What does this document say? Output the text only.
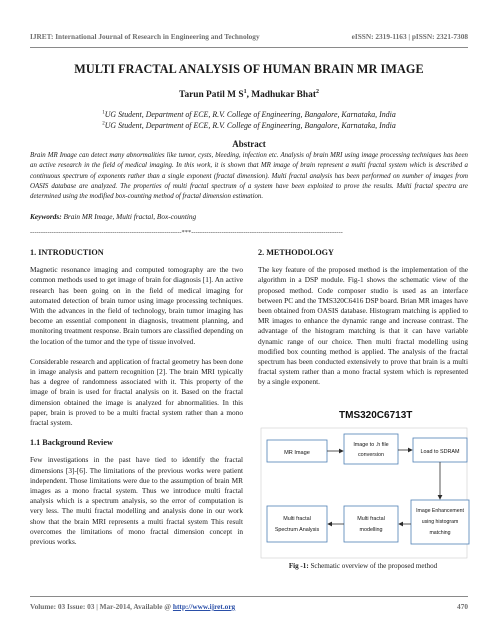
IJRET: International Journal of Research in Engineering and Technology	eISSN: 2319-1163 | pISSN: 2321-7308
MULTI FRACTAL ANALYSIS OF HUMAN BRAIN MR IMAGE
Tarun Patil M $S^1$, Madhukar Bhat$^2$
$^1$UG Student, Department of ECE, R.V. College of Engineering, Bangalore, Karnataka, India
$^2$UG Student, Department of ECE, R.V. College of Engineering, Bangalore, Karnataka, India
Abstract
Brain MR Image can detect many abnormalities like tumor, cysts, bleeding, infection etc. Analysis of brain MRI using image processing techniques has been an active research in the field of medical imaging. In this work, it is shown that MR image of brain represent a multi fractal system which is described a continuous spectrum of exponents rather than a single exponent (fractal dimension). Multi fractal analysis has been performed on number of images from OASIS database are analyzed. The properties of multi fractal spectrum of a system have been exploited to prove the results. Multi fractal spectra are determined using the modified box-counting method of fractal dimension estimation.
Keywords: Brain MR Image, Multi fractal, Box-counting
----------------------------------------------------------------------***----------------------------------------------------------------------
1. INTRODUCTION

Magnetic resonance imaging and computed tomography are the two common methods used to get image of brain for diagnosis [1]. An active research has been going on in the field of medical imaging for automated detection of brain tumor using image processing techniques. With the advances in the field of technology, brain tumor imaging has become an essential component in diagnosis, treatment planning, and monitoring treatment response. Brain tumors are classified depending on the location of the tumor and the type of tissue involved.

Considerable research and application of fractal geometry has been done in image analysis and pattern recognition [2]. The brain MRI typically has a degree of randomness associated with it. This property of the image of brain is used for fractal analysis on it. Based on the fractal dimension obtained the image is analyzed for abnormalities. In this paper, brain is proved to be a multi fractal system rather than a mono fractal system.

1.1 Background Review

Few investigations in the past have tied to identify the fractal dimensions [3]-[6]. The limitations of the previous works were patient independent. Those limitations were due to the assumption of brain MR images as a mono fractal system. Thus we introduce multi fractal analysis which is a spectrum analysis, so the error of computation is very less. The multi fractal modelling and analysis done in our work show that the brain MRI represents a multi fractal system This result overcomes the limitations of mono fractal dimension concept in previous works.

2. METHODOLOGY

The key feature of the proposed method is the implementation of the algorithm in a DSP module. Fig-1 shows the schematic view of the proposed method. Code composer studio is used as an interface between PC and the TMS320C6416 DSP board. Brian MR images have been obtained from OASIS database. Histogram matching is applied to MR images to enhance the dynamic range and increase contrast. The advantage of the histogram matching is that it can have variable dynamic range of our choice. Then multi fractal modelling using modified box counting method is applied. The analysis of the fractal spectrum has been conducted extensively to prove that brain is a multi fractal system rather than a mono fractal system which is represented by a single exponent.

TMS320C6713T
MR Image
Image to .h file
conversion	Load to SDRAM
Multi fractal
Spectrum Analysis
Multi fractal
modelling
Image Enhancement
using histogram
matching
Fig -1: Schematic overview of the proposed method
Volume: 03 Issue: 03 | Mar-2014, Available @ http://www.ijret.org	470
